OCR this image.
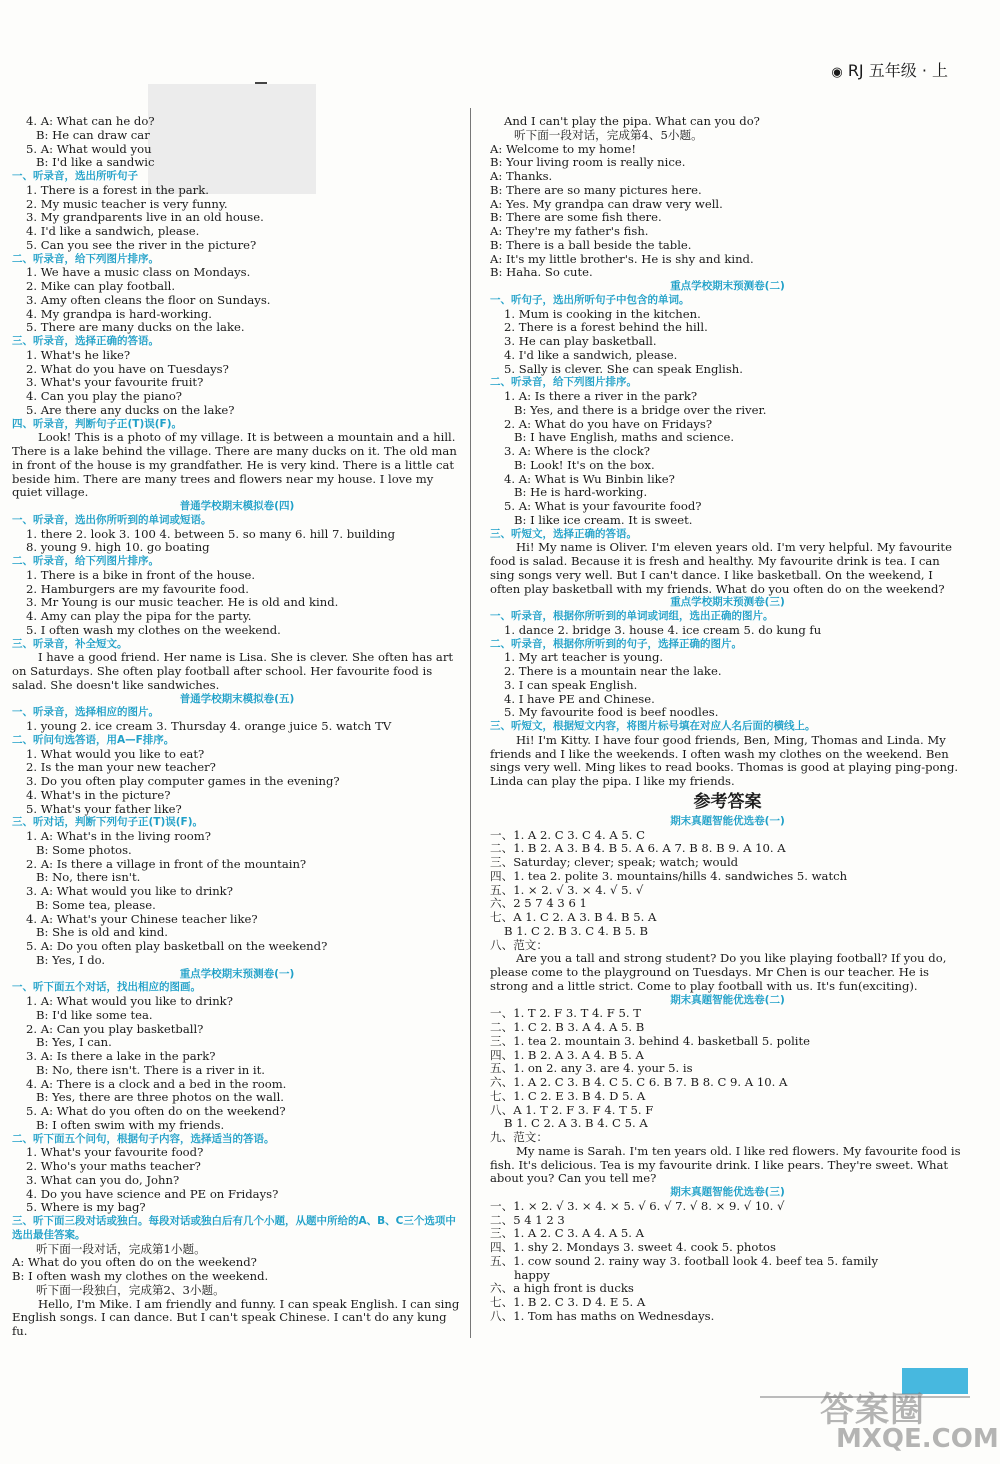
◉ RJ 五年级 · 上
4. A: What can he do?
B: He can draw car
5. A: What would you
B: I'd like a sandwic
一、听录音，选出所听句子
1. There is a forest in the park.
2. My music teacher is very funny.
3. My grandparents live in an old house.
4. I'd like a sandwich, please.
5. Can you see the river in the picture?
二、听录音，给下列图片排序。
1. We have a music class on Mondays.
2. Mike can play football.
3. Amy often cleans the floor on Sundays.
4. My grandpa is hard-working.
5. There are many ducks on the lake.
三、听录音，选择正确的答语。
1. What's he like?
2. What do you have on Tuesdays?
3. What's your favourite fruit?
4. Can you play the piano?
5. Are there any ducks on the lake?
四、听录音，判断句子正(T)误(F)。
Look! This is a photo of my village. It is between a mountain and a hill. There is a lake behind the village. There are many ducks on it. The old man in front of the house is my grandfather. He is very kind. There is a little cat beside him. There are many trees and flowers near my house. I love my quiet village.
普通学校期末模拟卷(四)
一、听录音，选出你所听到的单词或短语。
1. there 2. look 3. 100 4. between 5. so many 6. hill 7. building
8. young 9. high 10. go boating
二、听录音，给下列图片排序。
1. There is a bike in front of the house.
2. Hamburgers are my favourite food.
3. Mr Young is our music teacher. He is old and kind.
4. Amy can play the pipa for the party.
5. I often wash my clothes on the weekend.
三、听录音，补全短文。
I have a good friend. Her name is Lisa. She is clever. She often has art on Saturdays. She often play football after school. Her favourite food is salad. She doesn't like sandwiches.
普通学校期末模拟卷(五)
一、听录音，选择相应的图片。
1. young 2. ice cream 3. Thursday 4. orange juice 5. watch TV
二、听问句选答语，用A—F排序。
1. What would you like to eat?
2. Is the man your new teacher?
3. Do you often play computer games in the evening?
4. What's in the picture?
5. What's your father like?
三、听对话，判断下列句子正(T)误(F)。
1. A: What's in the living room?
B: Some photos.
2. A: Is there a village in front of the mountain?
B: No, there isn't.
3. A: What would you like to drink?
B: Some tea, please.
4. A: What's your Chinese teacher like?
B: She is old and kind.
5. A: Do you often play basketball on the weekend?
B: Yes, I do.
重点学校期末预测卷(一)
一、听下面五个对话，找出相应的图画。
1. A: What would you like to drink?
B: I'd like some tea.
2. A: Can you play basketball?
B: Yes, I can.
3. A: Is there a lake in the park?
B: No, there isn't. There is a river in it.
4. A: There is a clock and a bed in the room.
B: Yes, there are three photos on the wall.
5. A: What do you often do on the weekend?
B: I often swim with my friends.
二、听下面五个问句，根据句子内容，选择适当的答语。
1. What's your favourite food?
2. Who's your maths teacher?
3. What can you do, John?
4. Do you have science and PE on Fridays?
5. Where is my bag?
三、听下面三段对话或独白。每段对话或独白后有几个小题，从题中所给的A、B、C三个选项中选出最佳答案。
听下面一段对话，完成第1小题。
A: What do you often do on the weekend?
B: I often wash my clothes on the weekend.
听下面一段独白，完成第2、3小题。
Hello, I'm Mike. I am friendly and funny. I can speak English. I can sing English songs. I can dance. But I can't speak Chinese. I can't do any kung fu.
And I can't play the pipa. What can you do?
听下面一段对话，完成第4、5小题。
A: Welcome to my home!
B: Your living room is really nice.
A: Thanks.
B: There are so many pictures here.
A: Yes. My grandpa can draw very well.
B: There are some fish there.
A: They're my father's fish.
B: There is a ball beside the table.
A: It's my little brother's. He is shy and kind.
B: Haha. So cute.
重点学校期末预测卷(二)
一、听句子，选出所听句子中包含的单词。
1. Mum is cooking in the kitchen.
2. There is a forest behind the hill.
3. He can play basketball.
4. I'd like a sandwich, please.
5. Sally is clever. She can speak English.
二、听录音，给下列图片排序。
1. A: Is there a river in the park?
B: Yes, and there is a bridge over the river.
2. A: What do you have on Fridays?
B: I have English, maths and science.
3. A: Where is the clock?
B: Look! It's on the box.
4. A: What is Wu Binbin like?
B: He is hard-working.
5. A: What is your favourite food?
B: I like ice cream. It is sweet.
三、听短文，选择正确的答语。
Hi! My name is Oliver. I'm eleven years old. I'm very helpful. My favourite food is salad. Because it is fresh and healthy. My favourite drink is tea. I can sing songs very well. But I can't dance. I like basketball. On the weekend, I often play basketball with my friends. What do you often do on the weekend?
重点学校期末预测卷(三)
一、听录音，根据你所听到的单词或词组，选出正确的图片。
1. dance 2. bridge 3. house 4. ice cream 5. do kung fu
二、听录音，根据你所听到的句子，选择正确的图片。
1. My art teacher is young.
2. There is a mountain near the lake.
3. I can speak English.
4. I have PE and Chinese.
5. My favourite food is beef noodles.
三、听短文，根据短文内容，将图片标号填在对应人名后面的横线上。
Hi! I'm Kitty. I have four good friends, Ben, Ming, Thomas and Linda. My friends and I like the weekends. I often wash my clothes on the weekend. Ben sings very well. Ming likes to read books. Thomas is good at playing ping-pong. Linda can play the pipa. I like my friends.
参考答案
期末真题智能优选卷(一)
一、1. A 2. C 3. C 4. A 5. C
二、1. B 2. A 3. B 4. B 5. A 6. A 7. B 8. B 9. A 10. A
三、Saturday; clever; speak; watch; would
四、1. tea 2. polite 3. mountains/hills 4. sandwiches 5. watch
五、1. × 2. √ 3. × 4. √ 5. √
六、2 5 7 4 3 6 1
七、A 1. C 2. A 3. B 4. B 5. A
B 1. C 2. B 3. C 4. B 5. B
八、范文：
Are you a tall and strong student? Do you like playing football? If you do, please come to the playground on Tuesdays. Mr Chen is our teacher. He is strong and a little strict. Come to play football with us. It's fun(exciting).
期末真题智能优选卷(二)
一、1. T 2. F 3. T 4. F 5. T
二、1. C 2. B 3. A 4. A 5. B
三、1. tea 2. mountain 3. behind 4. basketball 5. polite
四、1. B 2. A 3. A 4. B 5. A
五、1. on 2. any 3. are 4. your 5. is
六、1. A 2. C 3. B 4. C 5. C 6. B 7. B 8. C 9. A 10. A
七、1. C 2. E 3. B 4. D 5. A
八、A 1. T 2. F 3. F 4. T 5. F
B 1. C 2. A 3. B 4. C 5. A
九、范文：
My name is Sarah. I'm ten years old. I like red flowers. My favourite food is fish. It's delicious. Tea is my favourite drink. I like pears. They're sweet. What about you? Can you tell me?
期末真题智能优选卷(三)
一、1. × 2. √ 3. × 4. × 5. √ 6. √ 7. √ 8. × 9. √ 10. √
二、5 4 1 2 3
三、1. A 2. C 3. A 4. A 5. A
四、1. shy 2. Mondays 3. sweet 4. cook 5. photos
五、1. cow sound 2. rainy way 3. football look 4. beef tea 5. family
happy
六、a high front is ducks
七、1. B 2. C 3. D 4. E 5. A
八、1. Tom has maths on Wednesdays.
答案圈
MXQE.COM
